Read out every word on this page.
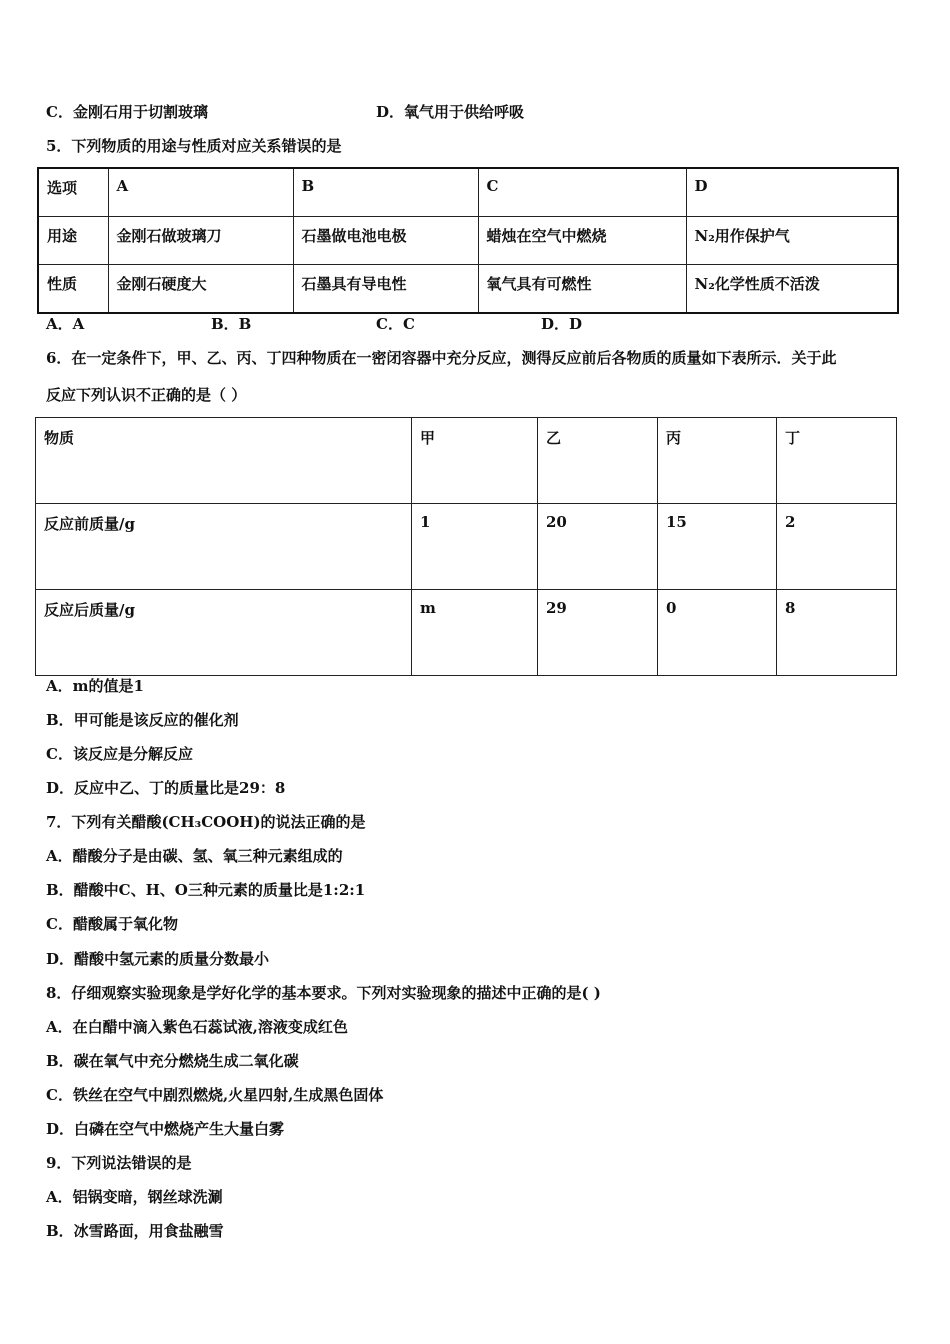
C．金刚石用于切割玻璃	D．氧气用于供给呼吸
5．下列物质的用途与性质对应关系错误的是
选项	A	B	C	D
用途	金刚石做玻璃刀	石墨做电池电极	蜡烛在空气中燃烧	N₂用作保护气
性质	金刚石硬度大	石墨具有导电性	氧气具有可燃性	N₂化学性质不活泼
A．A	B．B	C．C	D．D
6．在一定条件下，甲、乙、丙、丁四种物质在一密闭容器中充分反应，测得反应前后各物质的质量如下表所示．关于此
反应下列认识不正确的是（ ）
物质	甲	乙	丙	丁
反应前质量/g	1	20	15	2
反应后质量/g	m	29	0	8
A．m的值是1
B．甲可能是该反应的催化剂
C．该反应是分解反应
D．反应中乙、丁的质量比是29：8
7．下列有关醋酸(CH₃COOH)的说法正确的是
A．醋酸分子是由碳、氢、氧三种元素组成的
B．醋酸中C、H、O三种元素的质量比是1:2:1
C．醋酸属于氧化物
D．醋酸中氢元素的质量分数最小
8．仔细观察实验现象是学好化学的基本要求。下列对实验现象的描述中正确的是( )
A．在白醋中滴入紫色石蕊试液,溶液变成红色
B．碳在氧气中充分燃烧生成二氧化碳
C．铁丝在空气中剧烈燃烧,火星四射,生成黑色固体
D．白磷在空气中燃烧产生大量白雾
9．下列说法错误的是
A．铝锅变暗，钢丝球洗涮
B．冰雪路面，用食盐融雪
